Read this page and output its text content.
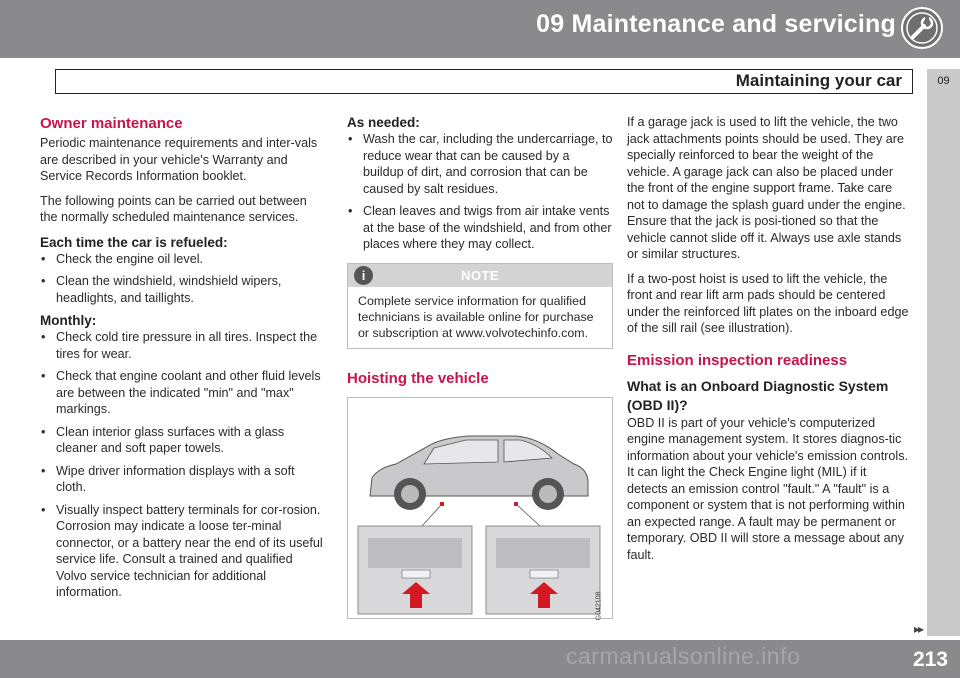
09 Maintenance and servicing
Maintaining your car	09
Owner maintenance

Periodic maintenance requirements and inter-vals are described in your vehicle's Warranty and Service Records Information booklet.

The following points can be carried out between the normally scheduled maintenance services.

Each time the car is refueled:
• Check the engine oil level.
• Clean the windshield, windshield wipers, headlights, and taillights.
Monthly:
• Check cold tire pressure in all tires. Inspect the tires for wear.
• Check that engine coolant and other fluid levels are between the indicated "min" and "max" markings.
• Clean interior glass surfaces with a glass cleaner and soft paper towels.
• Wipe driver information displays with a soft cloth.
• Visually inspect battery terminals for cor-rosion. Corrosion may indicate a loose ter-minal connector, or a battery near the end of its useful service life. Consult a trained and qualified Volvo service technician for additional information.
As needed:
• Wash the car, including the undercarriage, to reduce wear that can be caused by a buildup of dirt, and corrosion that can be caused by salt residues.
• Clean leaves and twigs from air intake vents at the base of the windshield, and from other places where they may collect.
i	NOTE
Complete service information for qualified technicians is available online for purchase or subscription at www.volvotechinfo.com.
Hoisting the vehicle
G042108

If a garage jack is used to lift the vehicle, the two jack attachments points should be used. They are specially reinforced to bear the weight of the vehicle. A garage jack can also be placed under the front of the engine support frame. Take care not to damage the splash guard under the engine. Ensure that the jack is posi-tioned so that the vehicle cannot slide off it. Always use axle stands or similar structures.

If a two-post hoist is used to lift the vehicle, the front and rear lift arm pads should be centered under the reinforced lift plates on the inboard edge of the sill rail (see illustration).

Emission inspection readiness
What is an Onboard Diagnostic System (OBD II)?

OBD II is part of your vehicle's computerized engine management system. It stores diagnos-tic information about your vehicle's emission controls. It can light the Check Engine light (MIL) if it detects an emission control "fault." A "fault" is a component or system that is not performing within an expected range. A fault may be permanent or temporary. OBD II will store a message about any fault.

▸▸
213
carmanualsonline.info
